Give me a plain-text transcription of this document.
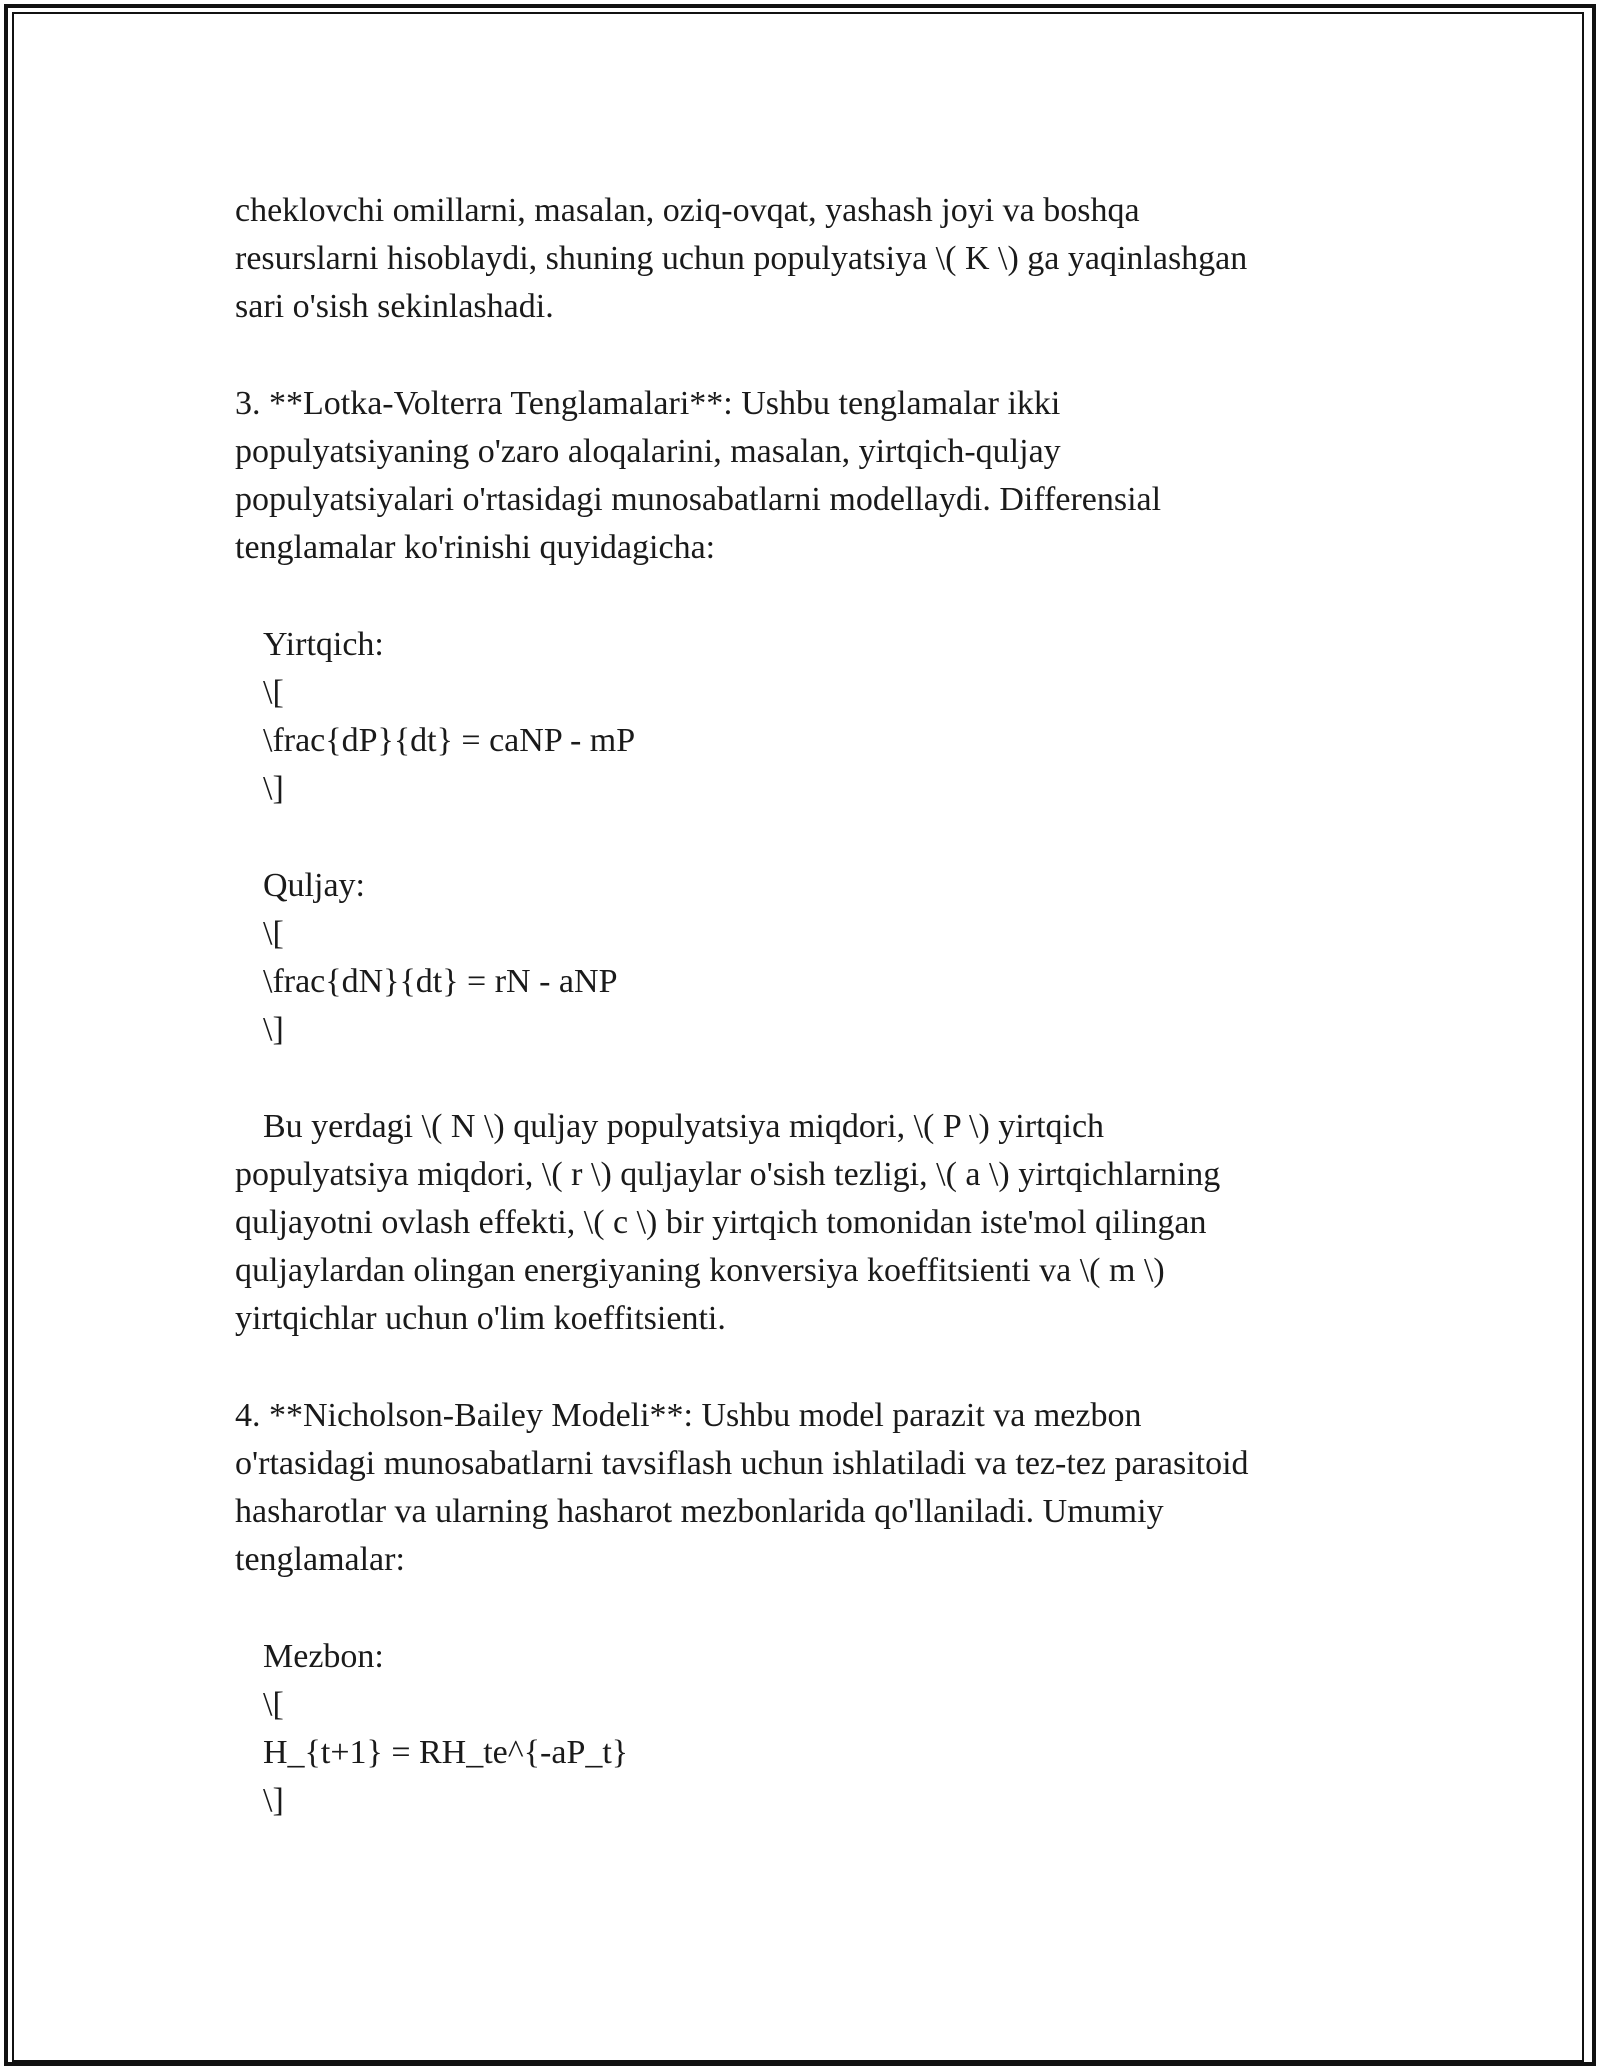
cheklovchi omillarni, masalan, oziq-ovqat, yashash joyi va boshqa
resurslarni hisoblaydi, shuning uchun populyatsiya \( K \) ga yaqinlashgan
sari o'sish sekinlashadi.
3. **Lotka-Volterra Tenglamalari**: Ushbu tenglamalar ikki
populyatsiyaning o'zaro aloqalarini, masalan, yirtqich-quljay
populyatsiyalari o'rtasidagi munosabatlarni modellaydi. Differensial
tenglamalar ko'rinishi quyidagicha:
Yirtqich:
\[
\frac{dP}{dt} = caNP - mP
\]
Quljay:
\[
\frac{dN}{dt} = rN - aNP
\]
Bu yerdagi \( N \) quljay populyatsiya miqdori, \( P \) yirtqich
populyatsiya miqdori, \( r \) quljaylar o'sish tezligi, \( a \) yirtqichlarning
quljayotni ovlash effekti, \( c \) bir yirtqich tomonidan iste'mol qilingan
quljaylardan olingan energiyaning konversiya koeffitsienti va \( m \)
yirtqichlar uchun o'lim koeffitsienti.
4. **Nicholson-Bailey Modeli**: Ushbu model parazit va mezbon
o'rtasidagi munosabatlarni tavsiflash uchun ishlatiladi va tez-tez parasitoid
hasharotlar va ularning hasharot mezbonlarida qo'llaniladi. Umumiy
tenglamalar:
Mezbon:
\[
H_{t+1} = RH_te^{-aP_t}
\]
